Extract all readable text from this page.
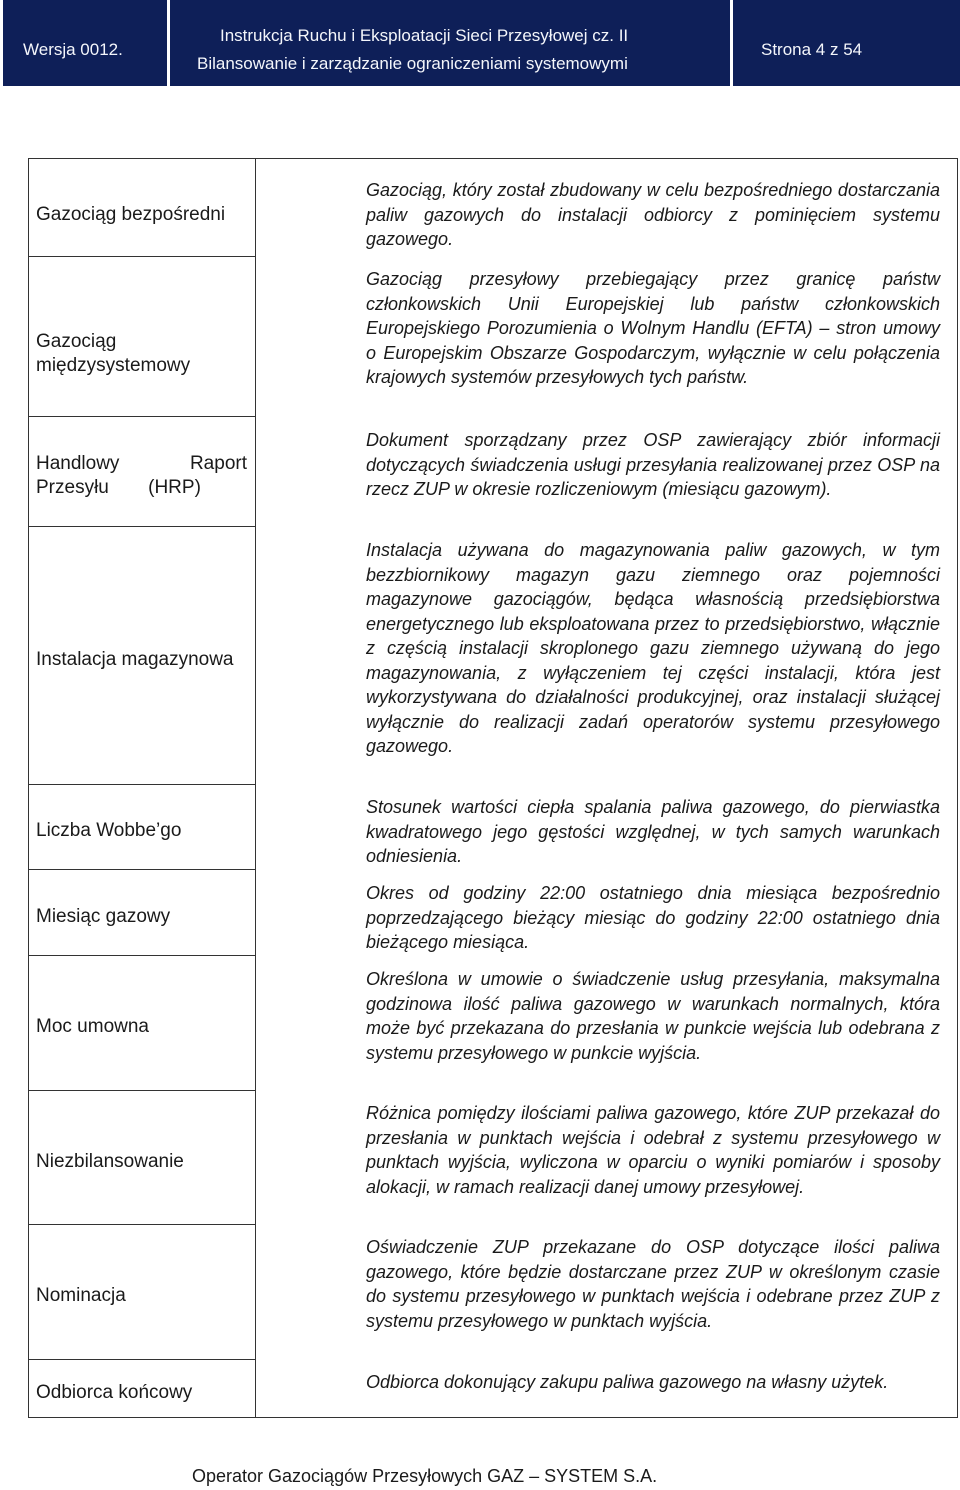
Wersja 0012.
Instrukcja Ruchu i Eksploatacji Sieci Przesyłowej cz. II
Bilansowanie i zarządzanie ograniczeniami systemowymi
Strona 4 z 54
Gazociąg bezpośredni
Gazociąg, który został zbudowany w celu bezpośredniego dostarczania paliw gazowych do instalacji odbiorcy z pominięciem systemu gazowego.
Gazociąg międzysystemowy
Gazociąg przesyłowy przebiegający przez granicę państw członkowskich Unii Europejskiej lub państw członkowskich Europejskiego Porozumienia o Wolnym Handlu (EFTA) – stron umowy o Europejskim Obszarze Gospodarczym, wyłącznie w celu połączenia krajowych systemów przesyłowych tych państw.
Handlowy Raport Przesyłu (HRP)
Dokument sporządzany przez OSP zawierający zbiór informacji dotyczących świadczenia usługi przesyłania realizowanej przez OSP na rzecz ZUP w okresie rozliczeniowym (miesiącu gazowym).
Instalacja magazynowa
Instalacja używana do magazynowania paliw gazowych, w tym bezzbiornikowy magazyn gazu ziemnego oraz pojemności magazynowe gazociągów, będąca własnością przedsiębiorstwa energetycznego lub eksploatowana przez to przedsiębiorstwo, włącznie z częścią instalacji skroplonego gazu ziemnego używaną do jego magazynowania, z wyłączeniem tej części instalacji, która jest wykorzystywana do działalności produkcyjnej, oraz instalacji służącej wyłącznie do realizacji zadań operatorów systemu przesyłowego gazowego.
Liczba Wobbe’go
Stosunek wartości ciepła spalania paliwa gazowego, do pierwiastka kwadratowego jego gęstości względnej, w tych samych warunkach odniesienia.
Miesiąc gazowy
Okres od godziny 22:00 ostatniego dnia miesiąca bezpośrednio poprzedzającego bieżący miesiąc do godziny 22:00 ostatniego dnia bieżącego miesiąca.
Moc umowna
Określona w umowie o świadczenie usług przesyłania, maksymalna godzinowa ilość paliwa gazowego w warunkach normalnych, która może być przekazana do przesłania w punkcie wejścia lub odebrana z systemu przesyłowego w punkcie wyjścia.
Niezbilansowanie
Różnica pomiędzy ilościami paliwa gazowego, które ZUP przekazał do przesłania w punktach wejścia i odebrał z systemu przesyłowego w punktach wyjścia, wyliczona w oparciu o wyniki pomiarów i sposoby alokacji, w ramach realizacji danej umowy przesyłowej.
Nominacja
Oświadczenie ZUP przekazane do OSP dotyczące ilości paliwa gazowego, które będzie dostarczane przez ZUP w określonym czasie do systemu przesyłowego w punktach wejścia i odebrane przez ZUP z systemu przesyłowego w punktach wyjścia.
Odbiorca końcowy	Odbiorca dokonujący zakupu paliwa gazowego na własny użytek.
Operator Gazociągów Przesyłowych GAZ – SYSTEM S.A.
